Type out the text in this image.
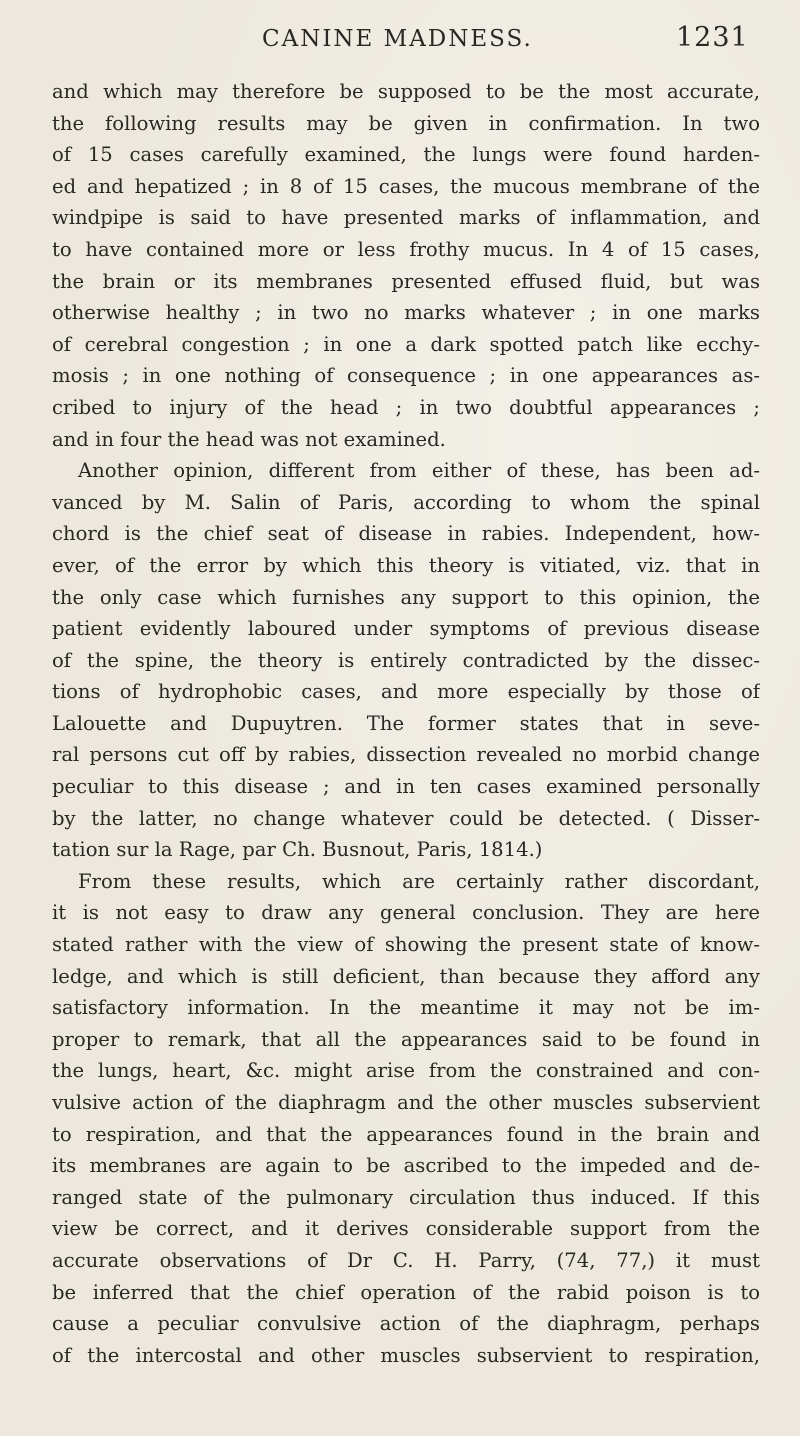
CANINE MADNESS.	1231
and which may therefore be supposed to be the most accurate,
the following results may be given in confirmation. In two
of 15 cases carefully examined, the lungs were found harden-
ed and hepatized ; in 8 of 15 cases, the mucous membrane of the
windpipe is said to have presented marks of inflammation, and
to have contained more or less frothy mucus. In 4 of 15 cases,
the brain or its membranes presented effused fluid, but was
otherwise healthy ; in two no marks whatever ; in one marks
of cerebral congestion ; in one a dark spotted patch like ecchy-
mosis ; in one nothing of consequence ; in one appearances as-
cribed to injury of the head ; in two doubtful appearances ;
and in four the head was not examined.
Another opinion, different from either of these, has been ad-
vanced by M. Salin of Paris, according to whom the spinal
chord is the chief seat of disease in rabies. Independent, how-
ever, of the error by which this theory is vitiated, viz. that in
the only case which furnishes any support to this opinion, the
patient evidently laboured under symptoms of previous disease
of the spine, the theory is entirely contradicted by the dissec-
tions of hydrophobic cases, and more especially by those of
Lalouette and Dupuytren. The former states that in seve-
ral persons cut off by rabies, dissection revealed no morbid change
peculiar to this disease ; and in ten cases examined personally
by the latter, no change whatever could be detected. ( Disser-
tation sur la Rage, par Ch. Busnout, Paris, 1814.)
From these results, which are certainly rather discordant,
it is not easy to draw any general conclusion. They are here
stated rather with the view of showing the present state of know-
ledge, and which is still deficient, than because they afford any
satisfactory information. In the meantime it may not be im-
proper to remark, that all the appearances said to be found in
the lungs, heart, &c. might arise from the constrained and con-
vulsive action of the diaphragm and the other muscles subservient
to respiration, and that the appearances found in the brain and
its membranes are again to be ascribed to the impeded and de-
ranged state of the pulmonary circulation thus induced. If this
view be correct, and it derives considerable support from the
accurate observations of Dr C. H. Parry, (74, 77,) it must
be inferred that the chief operation of the rabid poison is to
cause a peculiar convulsive action of the diaphragm, perhaps
of the intercostal and other muscles subservient to respiration,
